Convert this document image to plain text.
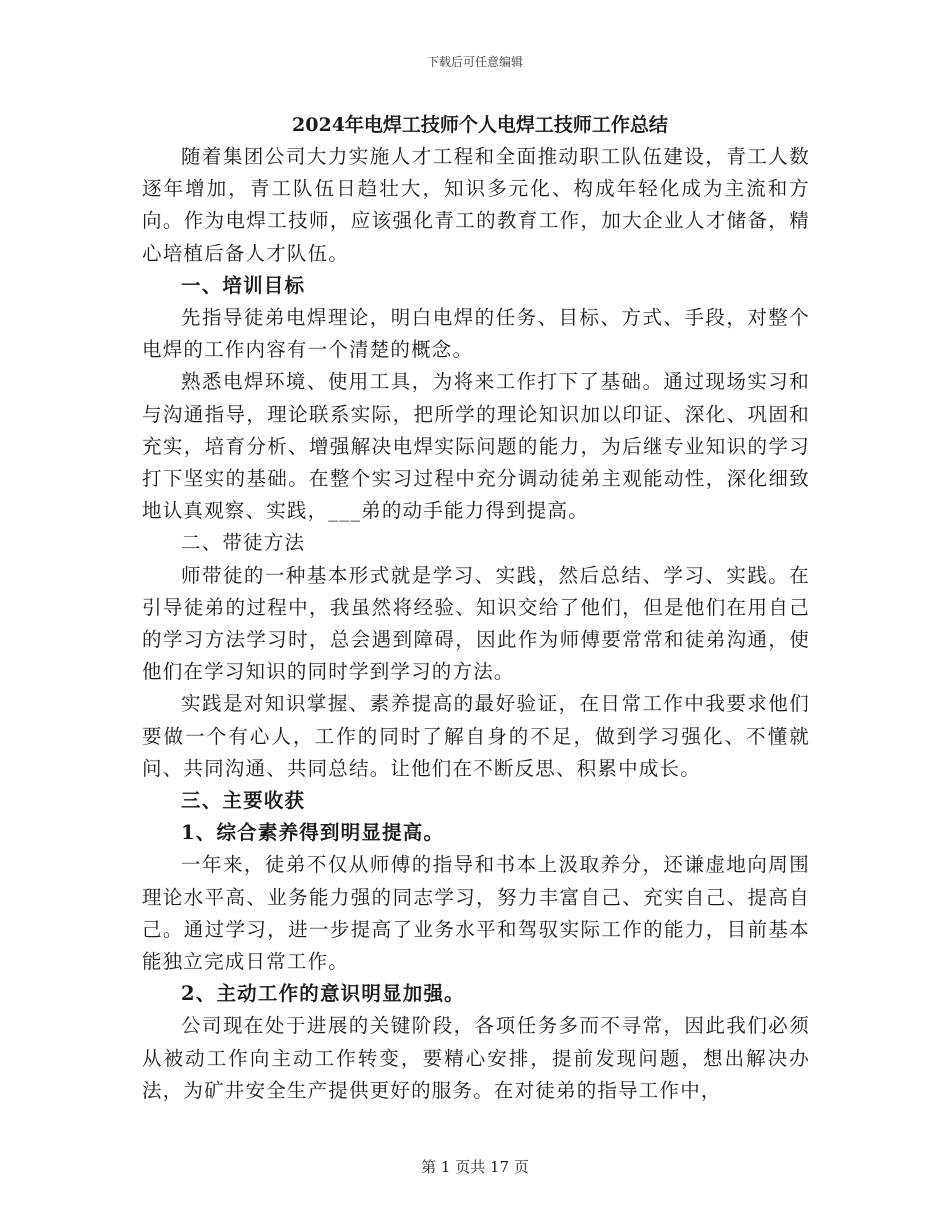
下载后可任意编辑
2024年电焊工技师个人电焊工技师工作总结

随着集团公司大力实施人才工程和全面推动职工队伍建设，青工人数逐年增加，青工队伍日趋壮大，知识多元化、构成年轻化成为主流和方向。作为电焊工技师，应该强化青工的教育工作，加大企业人才储备，精心培植后备人才队伍。

一、培训目标

先指导徒弟电焊理论，明白电焊的任务、目标、方式、手段，对整个电焊的工作内容有一个清楚的概念。

熟悉电焊环境、使用工具，为将来工作打下了基础。通过现场实习和与沟通指导，理论联系实际，把所学的理论知识加以印证、深化、巩固和充实，培育分析、增强解决电焊实际问题的能力，为后继专业知识的学习打下坚实的基础。在整个实习过程中充分调动徒弟主观能动性，深化细致地认真观察、实践，___弟的动手能力得到提高。

二、带徒方法

师带徒的一种基本形式就是学习、实践，然后总结、学习、实践。在引导徒弟的过程中，我虽然将经验、知识交给了他们，但是他们在用自己的学习方法学习时，总会遇到障碍，因此作为师傅要常常和徒弟沟通，使他们在学习知识的同时学到学习的方法。

实践是对知识掌握、素养提高的最好验证，在日常工作中我要求他们要做一个有心人，工作的同时了解自身的不足，做到学习强化、不懂就问、共同沟通、共同总结。让他们在不断反思、积累中成长。

三、主要收获

1、综合素养得到明显提高。

一年来，徒弟不仅从师傅的指导和书本上汲取养分，还谦虚地向周围理论水平高、业务能力强的同志学习，努力丰富自己、充实自己、提高自己。通过学习，进一步提高了业务水平和驾驭实际工作的能力，目前基本能独立完成日常工作。

2、主动工作的意识明显加强。

公司现在处于进展的关键阶段，各项任务多而不寻常，因此我们必须从被动工作向主动工作转变，要精心安排，提前发现问题，想出解决办法，为矿井安全生产提供更好的服务。在对徒弟的指导工作中，

第 1 页共 17 页
